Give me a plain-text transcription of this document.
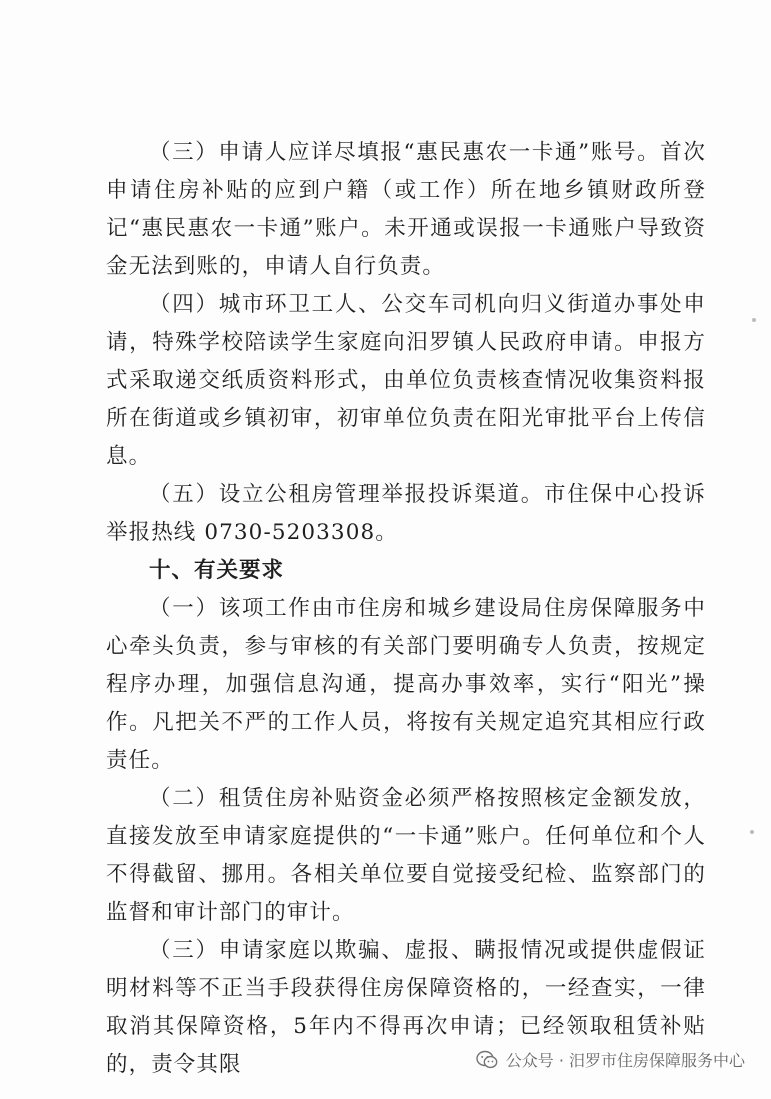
（三）申请人应详尽填报“惠民惠农一卡通”账号。首次申请住房补贴的应到户籍（或工作）所在地乡镇财政所登记“惠民惠农一卡通”账户。未开通或误报一卡通账户导致资金无法到账的，申请人自行负责。

（四）城市环卫工人、公交车司机向归义街道办事处申请，特殊学校陪读学生家庭向汨罗镇人民政府申请。申报方式采取递交纸质资料形式，由单位负责核查情况收集资料报所在街道或乡镇初审，初审单位负责在阳光审批平台上传信息。

（五）设立公租房管理举报投诉渠道。市住保中心投诉举报热线 0730-5203308。

十、有关要求

（一）该项工作由市住房和城乡建设局住房保障服务中心牵头负责，参与审核的有关部门要明确专人负责，按规定程序办理，加强信息沟通，提高办事效率，实行“阳光”操作。凡把关不严的工作人员，将按有关规定追究其相应行政责任。

（二）租赁住房补贴资金必须严格按照核定金额发放，直接发放至申请家庭提供的“一卡通”账户。任何单位和个人不得截留、挪用。各相关单位要自觉接受纪检、监察部门的监督和审计部门的审计。

（三）申请家庭以欺骗、虚报、瞒报情况或提供虚假证明材料等不正当手段获得住房保障资格的，一经查实，一律取消其保障资格，5年内不得再次申请；已经领取租赁补贴的，责令其限	公众号 · 汨罗市住房保障服务中心
